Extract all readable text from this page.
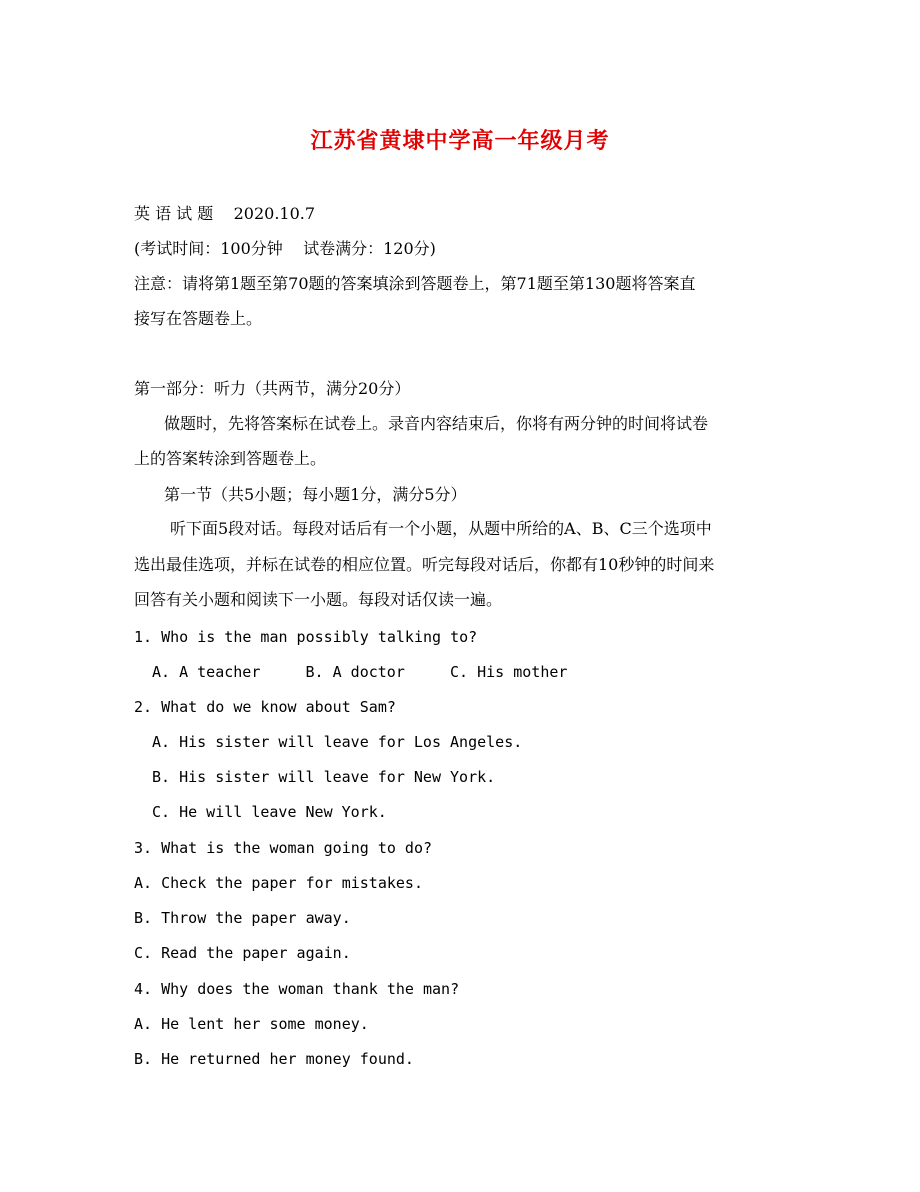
江苏省黄埭中学高一年级月考
英 语 试 题 2020.10.7
(考试时间：100分钟    试卷满分：120分)
注意：请将第1题至第70题的答案填涂到答题卷上，第71题至第130题将答案直
接写在答题卷上。
第一部分：听力（共两节，满分20分）
做题时，先将答案标在试卷上。录音内容结束后，你将有两分钟的时间将试卷
上的答案转涂到答题卷上。
第一节（共5小题；每小题1分，满分5分）
听下面5段对话。每段对话后有一个小题，从题中所给的A、B、C三个选项中
选出最佳选项，并标在试卷的相应位置。听完每段对话后，你都有10秒钟的时间来
回答有关小题和阅读下一小题。每段对话仅读一遍。
1. Who is the man possibly talking to?
A. A teacher     B. A doctor     C. His mother
2. What do we know about Sam?
A. His sister will leave for Los Angeles.
B. His sister will leave for New York.
C. He will leave New York.
3. What is the woman going to do?
A. Check the paper for mistakes.
B. Throw the paper away.
C. Read the paper again.
4. Why does the woman thank the man?
A. He lent her some money.
B. He returned her money found.
